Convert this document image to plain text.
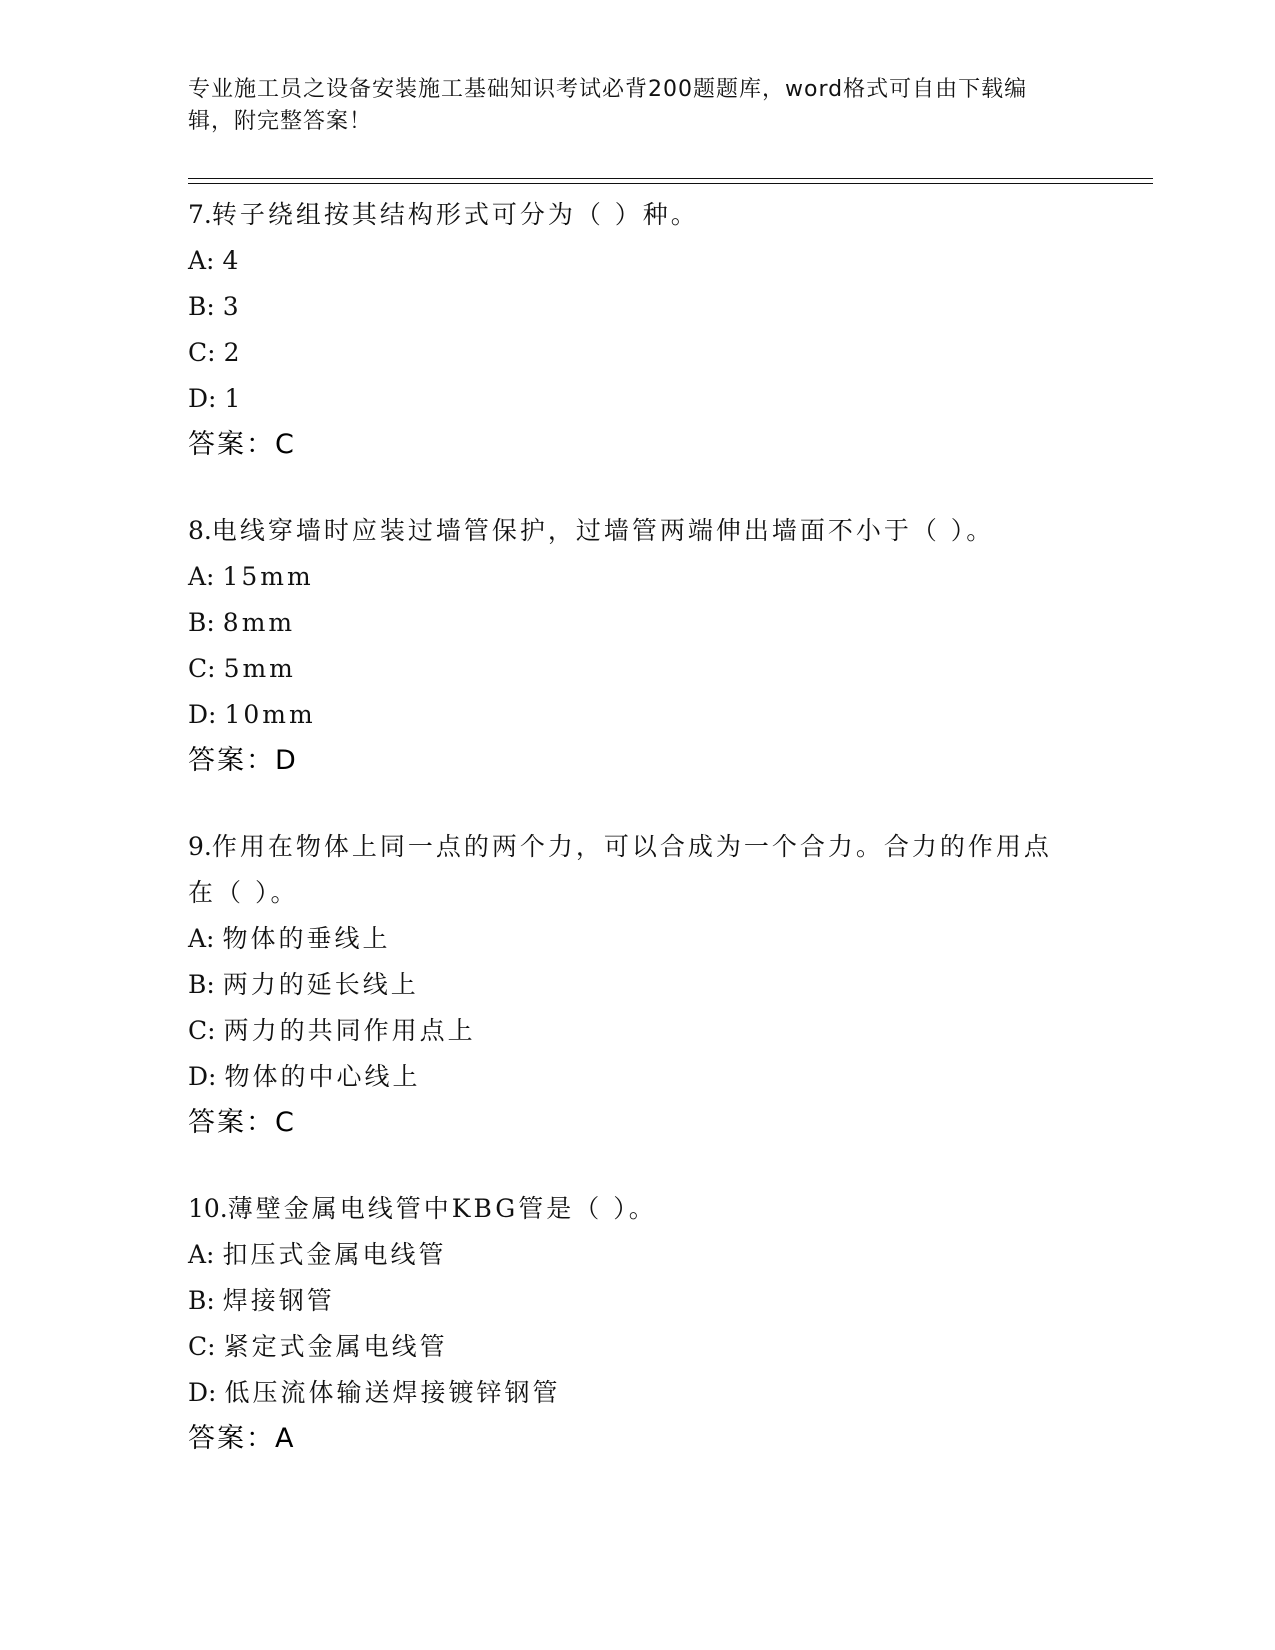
专业施工员之设备安装施工基础知识考试必背200题题库，word格式可自由下载编辑，附完整答案！

7.转子绕组按其结构形式可分为（ ）种。

A: 4

B: 3

C: 2

D: 1

答案：C

8.电线穿墙时应装过墙管保护，过墙管两端伸出墙面不小于（ ）。

A: 15mm

B: 8mm

C: 5mm

D: 10mm

答案：D

9.作用在物体上同一点的两个力，可以合成为一个合力。合力的作用点在（ ）。

A: 物体的垂线上

B: 两力的延长线上

C: 两力的共同作用点上

D: 物体的中心线上

答案：C

10.薄壁金属电线管中KBG管是（ ）。

A: 扣压式金属电线管

B: 焊接钢管

C: 紧定式金属电线管

D: 低压流体输送焊接镀锌钢管

答案：A
